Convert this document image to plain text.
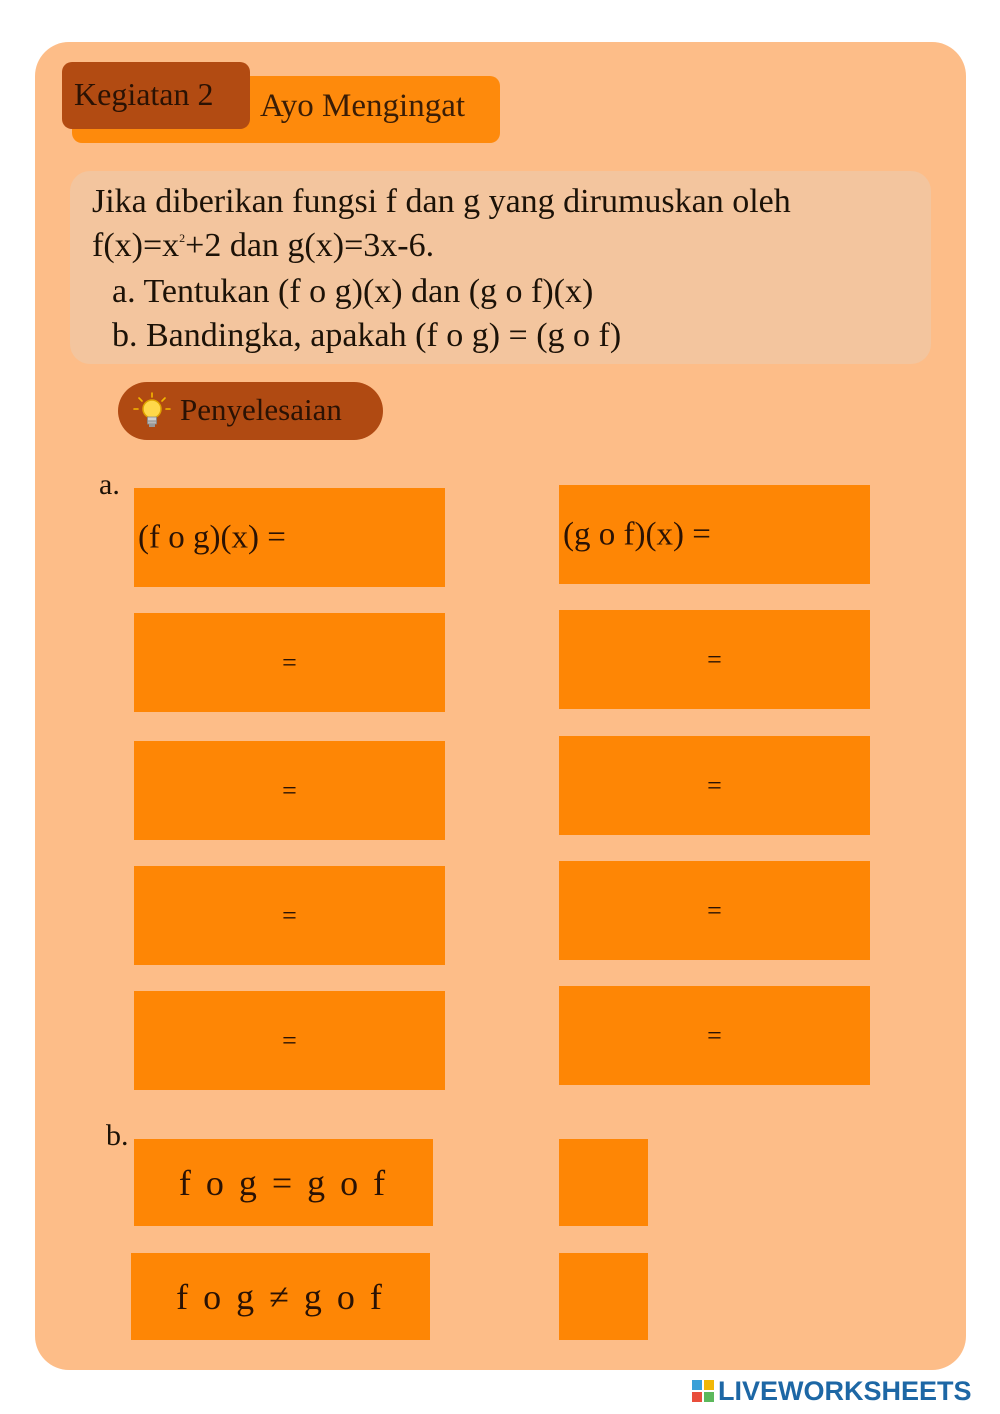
Ayo Mengingat
Kegiatan 2
Jika diberikan fungsi f dan g yang dirumuskan oleh
$f(x)=x^2+2$ dan g(x)=3x-6.
a. Tentukan (f o g)(x) dan (g o f)(x)
b. Bandingka, apakah (f o g) = (g o f)
Penyelesaian
a.
(f o g)(x) =
=
=
=
=
(g o f)(x) =
=
=
=
=
b.
f o g = g o f
f o g ≠ g o f
LIVEWORKSHEETS
